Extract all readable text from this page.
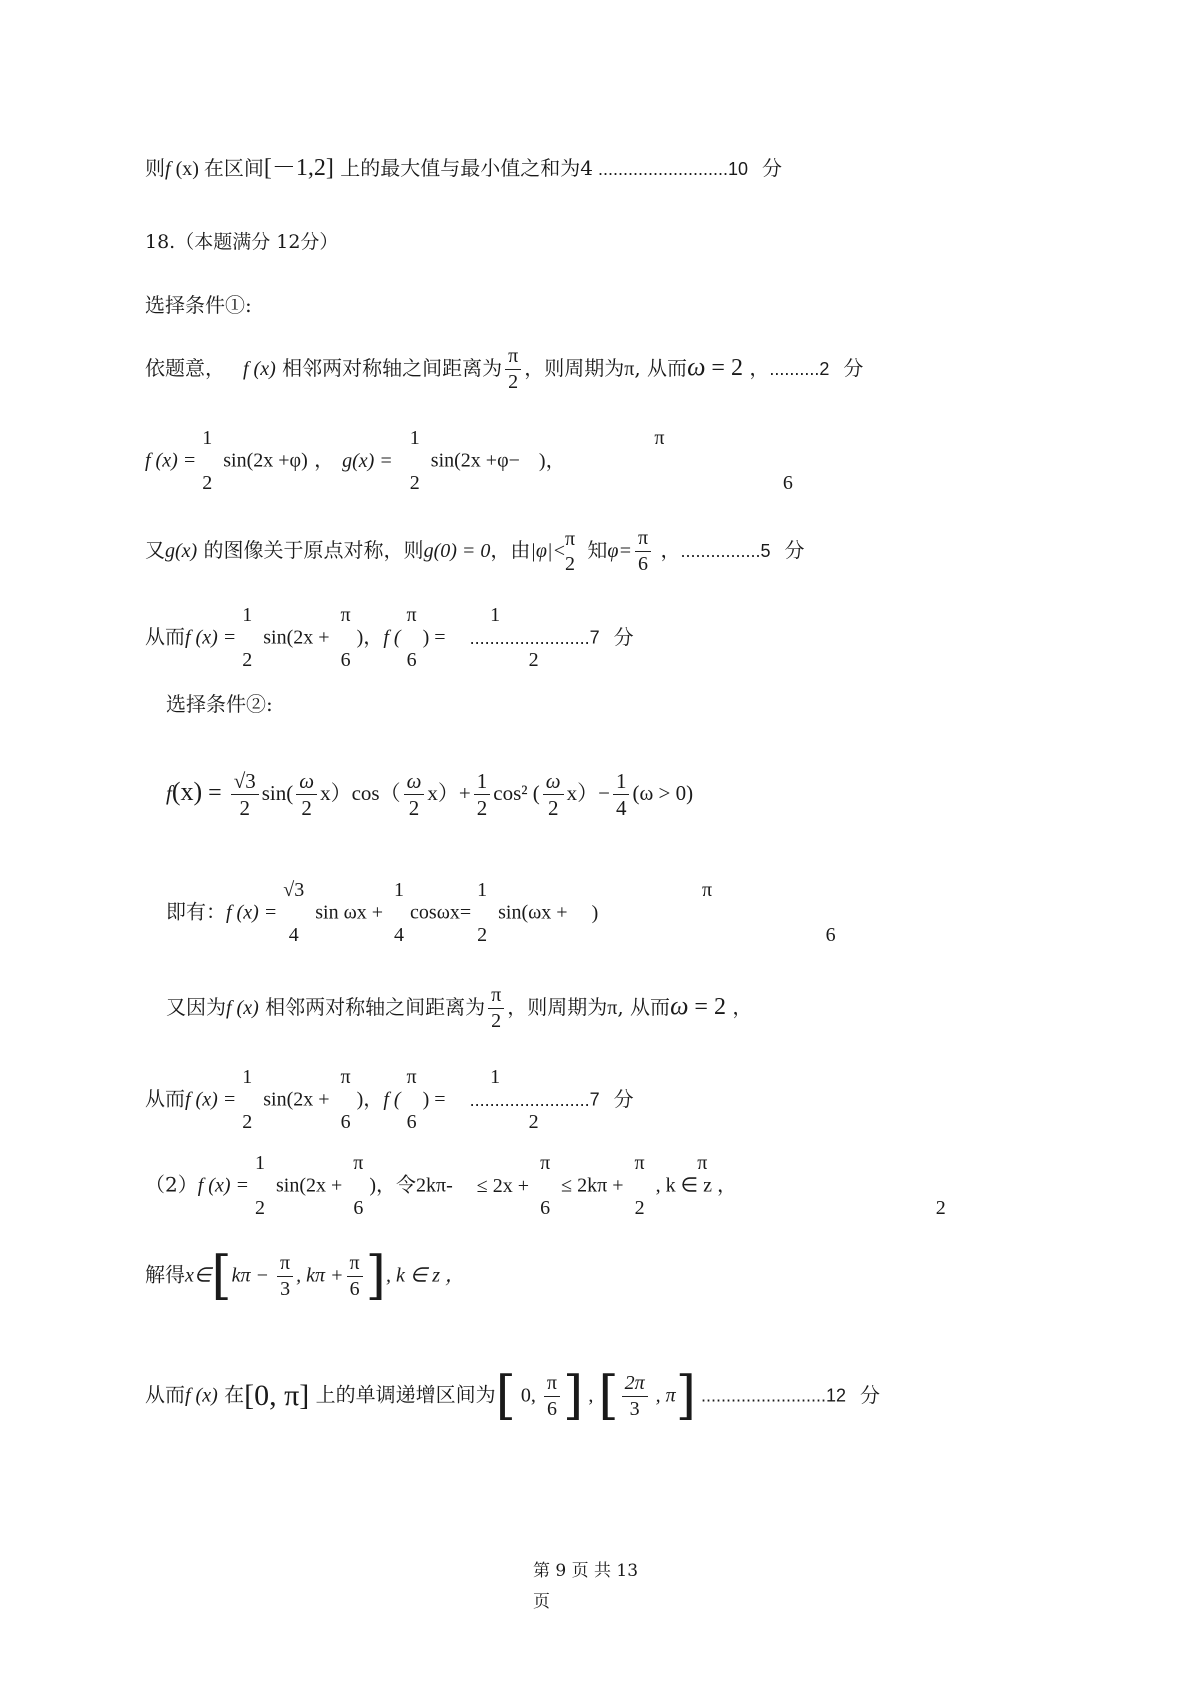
则f (x) 在区间[－1,2] 上的最大值与最小值之和为4 ..........................10 分
18.（本题满分 12分）
选择条件①:
依题意， f (x) 相邻两对称轴之间距离为 $\frac{\pi}{2}$ ，则周期为π, 从而ω = 2 ，..........2 分
f (x) =
1
2
sin(2x +φ) ， g(x) =
1
2
sin(2x +φ−
π
6
)，
又g(x) 的图像关于原点对称，则g(0) = 0，由|φ|<
π
2
知$\varphi= \frac{\pi}{6}$ ，................5 分
从而f (x) =
1
2
sin(2x +
π
6
)，f (
π
6
) =
1
2
........................7 分
选择条件②:
$f(x) = \frac{√3}{2} \sin( \frac{\omega}{2} x)\cos( \frac{\omega}{2} x)+ \frac{1}{2} \cos^2$ ( $\frac{\omega}{2} x)- \frac{1}{4} (\omega > 0)$
即有：f (x) =
√3
4
sin ωx +
1
4
cosωx=
1
2
sin(ωx +
π
6
)
又因为f (x) 相邻两对称轴之间距离为 $\frac{\pi}{2}$ ，则周期为π, 从而ω = 2 ，
从而f (x) =
1
2
sin(2x +
π
6
)，f (
π
6
) =
1
2
........................7 分
（2）f (x) =
1
2
sin(2x +
π
6
)，令2kπ-
π
2
≤ 2x +
π
6
≤ 2kπ +
π
2
, k ∈ z ，
解得x∈[kπ − $\frac{\pi}{3}$ , $k\pi + \frac{\pi}{6}$ ], k ∈ z ，
从而f (x) 在[0, π] 上的单调递增区间为[ 0, $\frac{\pi}{6}$ ] , [ $\frac{2\pi}{3}$ , π] .........................12 分
第 9 页 共 13
页
